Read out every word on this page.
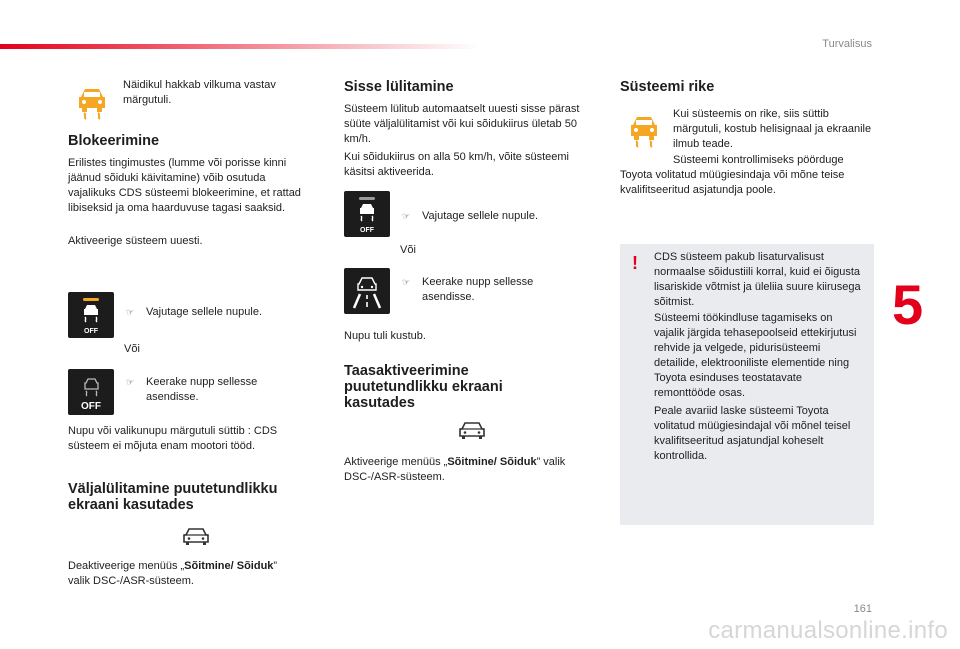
Turvalisus
Näidikul hakkab vilkuma vastav märgutuli.
Blokeerimine
Erilistes tingimustes (lumme või porisse kinni jäänud sõiduki käivitamine) võib osutuda vajalikuks CDS süsteemi blokeerimine, et rattad libiseksid ja oma haarduvuse tagasi saaksid.
Aktiveerige süsteem uuesti.
OFF
☞ Vajutage sellele nupule.
Või
OFF
☞ Keerake nupp sellesse asendisse.
Nupu või valikunupu märgutuli süttib : CDS süsteem ei mõjuta enam mootori tööd.
Väljalülitamine puutetundlikku ekraani kasutades
Deaktiveerige menüüs „Sõitmine/ Sõiduk”
valik DSC-/ASR-süsteem.
Sisse lülitamine
Süsteem lülitub automaatselt uuesti sisse pärast süüte väljalülitamist või kui sõidukiirus ületab 50 km/h.
Kui sõidukiirus on alla 50 km/h, võite süsteemi käsitsi aktiveerida.
OFF
☞ Vajutage sellele nupule.
Või
☞ Keerake nupp sellesse asendisse.
Nupu tuli kustub.
Taasaktiveerimine puutetundlikku ekraani kasutades
Aktiveerige menüüs „Sõitmine/ Sõiduk” valik
DSC-/ASR-süsteem.
Süsteemi rike
Kui süsteemis on rike, siis süttib märgutuli, kostub helisignaal ja ekraanile ilmub teade.
Süsteemi kontrollimiseks pöörduge Toyota volitatud müügiesindaja või mõne teise kvalifitseeritud asjatundja poole.
! CDS süsteem pakub lisaturvalisust normaalse sõidustiili korral, kuid ei õigusta lisariskide võtmist ja üleliia suure kiirusega sõitmist.
Süsteemi töökindluse tagamiseks on vajalik järgida tehasepoolseid ettekirjutusi rehvide ja velgede, pidurisüsteemi detailide, elektrooniliste elementide ning Toyota esinduses teostatavate remonttööde osas.
Peale avariid laske süsteemi Toyota volitatud müügiesindajal või mõnel teisel kvalifitseeritud asjatundjal koheselt kontrollida.
5
161
carmanualsonline.info
